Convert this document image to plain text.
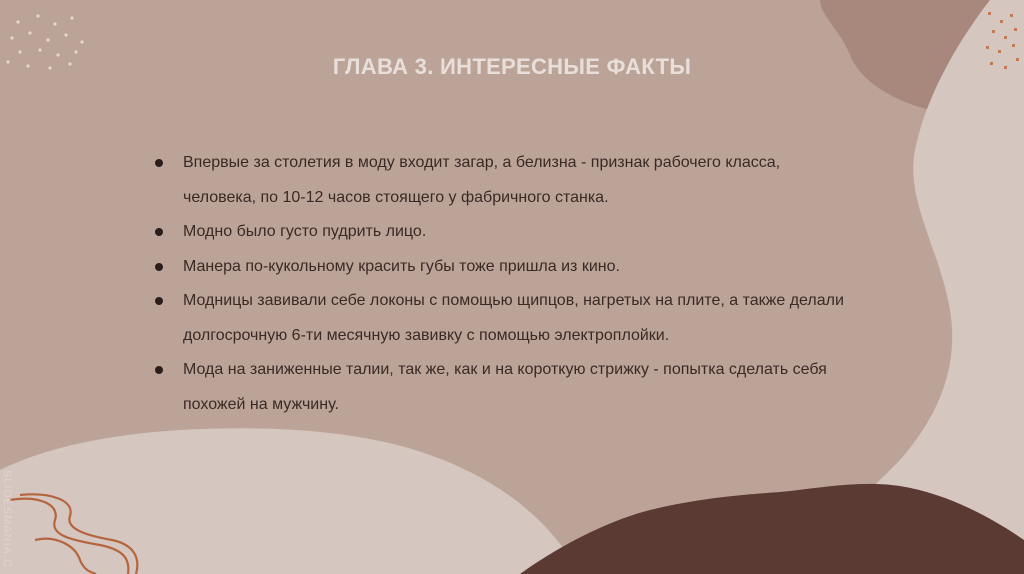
ГЛАВА 3. ИНТЕРЕСНЫЕ ФАКТЫ
Впервые за столетия в моду входит загар, а белизна - признак рабочего класса, человека, по 10-12 часов стоящего у фабричного станка.
Модно было густо пудрить лицо.
Манера по-кукольному красить губы тоже пришла из кино.
Модницы завивали себе локоны с помощью щипцов, нагретых на плите, а также делали долгосрочную 6-ти месячную завивку с помощью электроплойки.
Мода на заниженные талии, так же, как и на короткую стрижку - попытка сделать себя похожей на мужчину.
SLIDESMANIA.C
